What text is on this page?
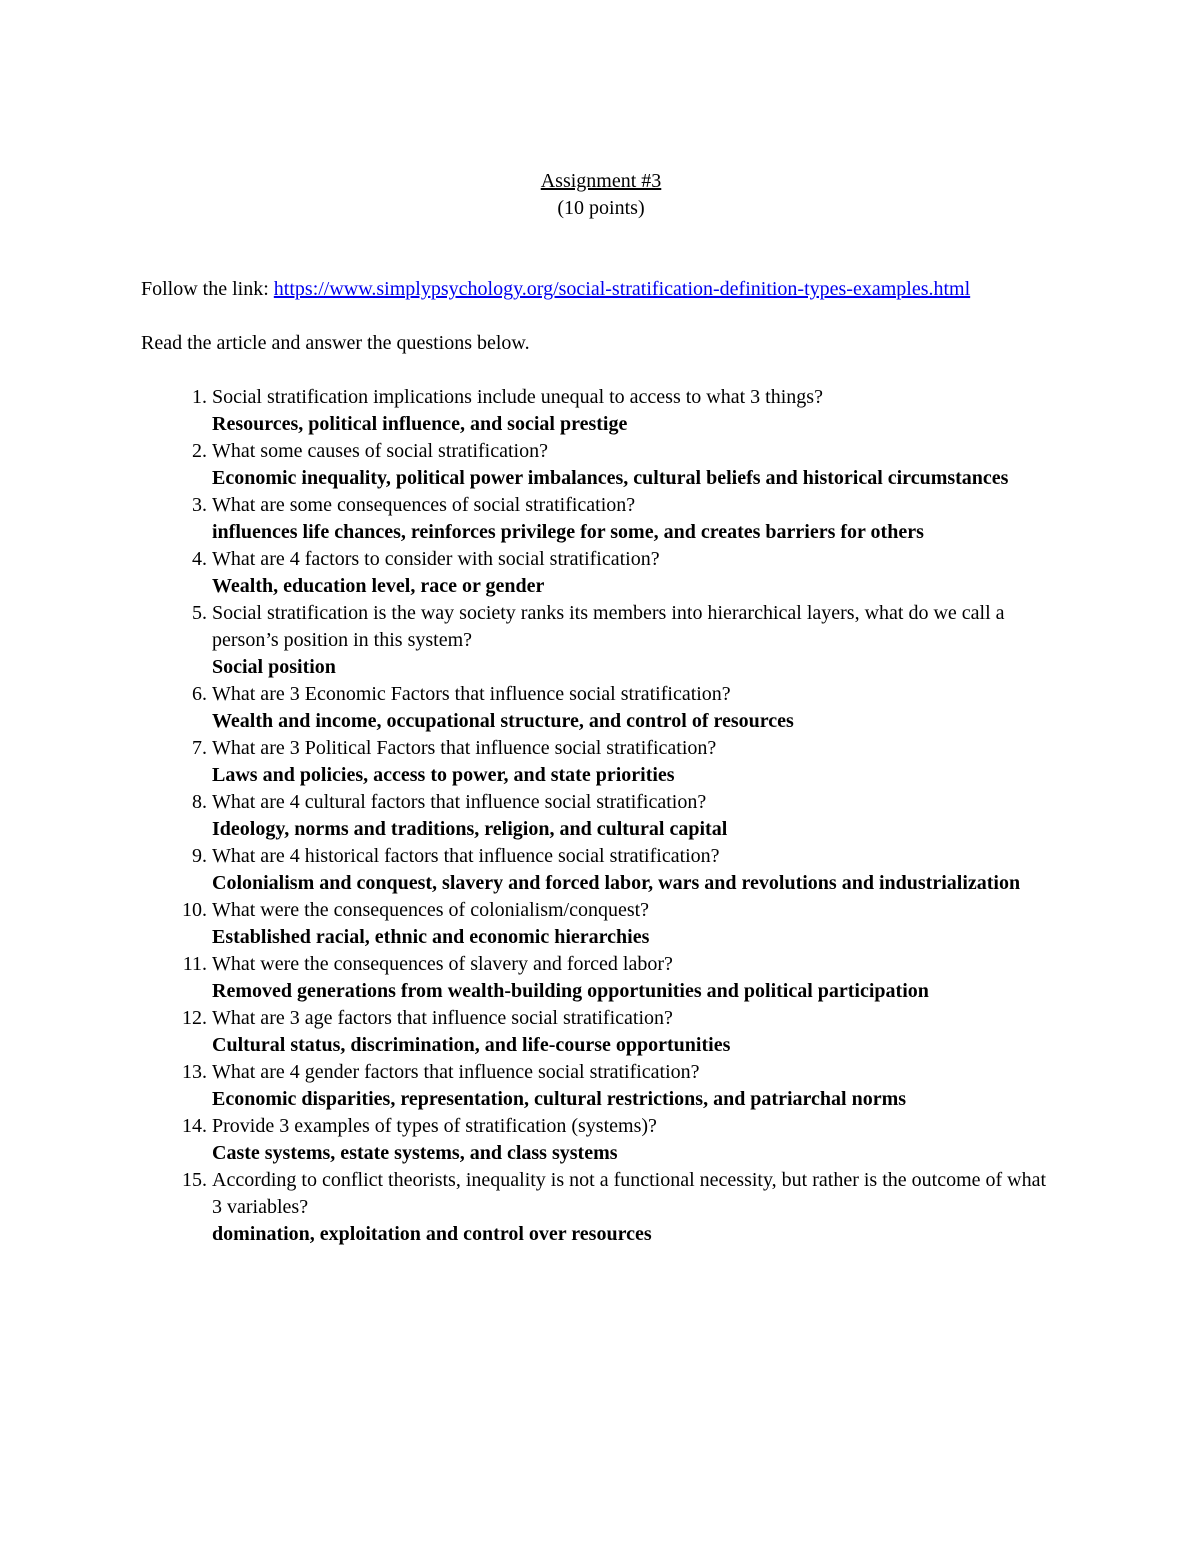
Assignment #3

(10 points)

Follow the link: https://www.simplypsychology.org/social-stratification-definition-types-examples.html

Read the article and answer the questions below.

1. Social stratification implications include unequal to access to what 3 things?
Resources, political influence, and social prestige
2. What some causes of social stratification?
Economic inequality, political power imbalances, cultural beliefs and historical circumstances
3. What are some consequences of social stratification?
influences life chances, reinforces privilege for some, and creates barriers for others
4. What are 4 factors to consider with social stratification?
Wealth, education level, race or gender
5. Social stratification is the way society ranks its members into hierarchical layers, what do we call a person’s position in this system?
Social position
6. What are 3 Economic Factors that influence social stratification?
Wealth and income, occupational structure, and control of resources
7. What are 3 Political Factors that influence social stratification?
Laws and policies, access to power, and state priorities
8. What are 4 cultural factors that influence social stratification?
Ideology, norms and traditions, religion, and cultural capital
9. What are 4 historical factors that influence social stratification?
Colonialism and conquest, slavery and forced labor, wars and revolutions and industrialization
10. What were the consequences of colonialism/conquest?
Established racial, ethnic and economic hierarchies
11. What were the consequences of slavery and forced labor?
Removed generations from wealth-building opportunities and political participation
12. What are 3 age factors that influence social stratification?
Cultural status, discrimination, and life-course opportunities
13. What are 4 gender factors that influence social stratification?
Economic disparities, representation, cultural restrictions, and patriarchal norms
14. Provide 3 examples of types of stratification (systems)?
Caste systems, estate systems, and class systems
15. According to conflict theorists, inequality is not a functional necessity, but rather is the outcome of what 3 variables?
domination, exploitation and control over resources
